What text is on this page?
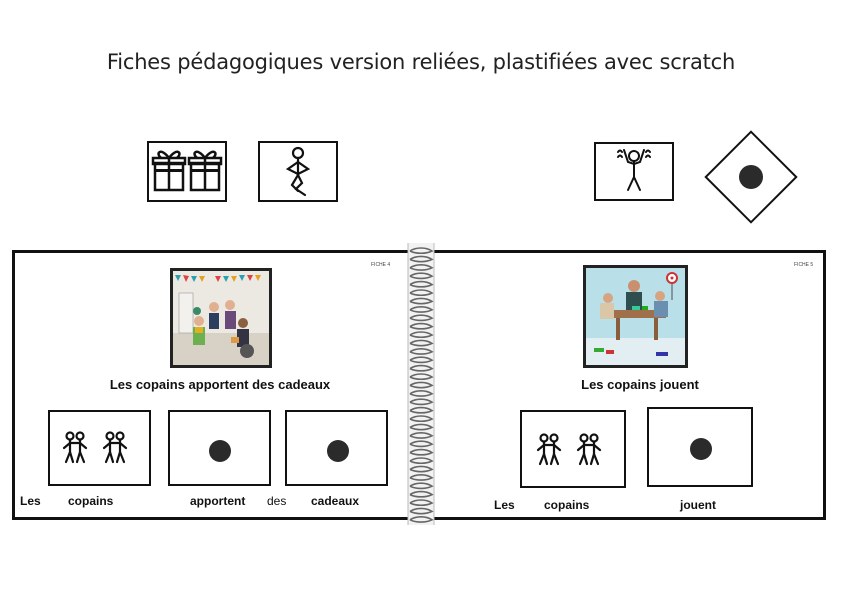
Fiches pédagogiques version reliées, plastifiées avec scratch
FICHE 4
Les copains apportent des cadeaux
Les copains	apportent des cadeaux
FICHE 5
Les copains jouent
Les copains	jouent
